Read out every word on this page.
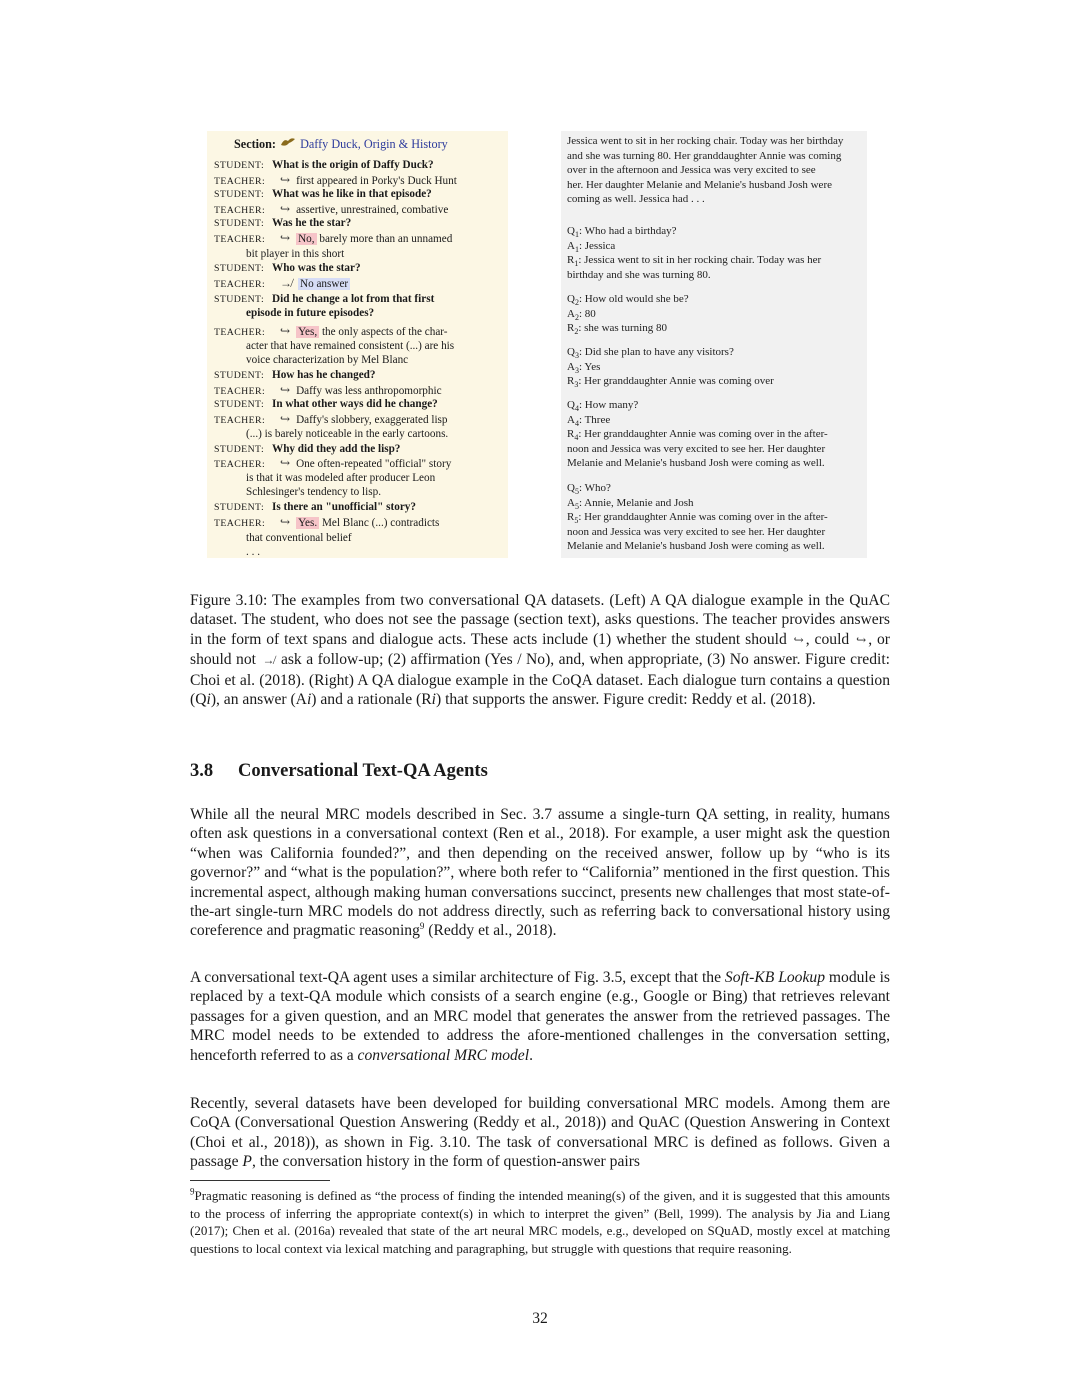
Section: Daffy Duck, Origin & History
STUDENT: What is the origin of Daffy Duck?
TEACHER: ↪ first appeared in Porky's Duck Hunt
STUDENT: What was he like in that episode?
TEACHER: ↪ assertive, unrestrained, combative
STUDENT: Was he the star?
TEACHER: ↪ No, barely more than an unnamed
bit player in this short
STUDENT: Who was the star?
TEACHER: ↛ No answer
STUDENT: Did he change a lot from that first
episode in future episodes?
TEACHER: ↪ Yes, the only aspects of the char-
acter that have remained consistent (...) are his
voice characterization by Mel Blanc
STUDENT: How has he changed?
TEACHER: ↪ Daffy was less anthropomorphic
STUDENT: In what other ways did he change?
TEACHER: ↪ Daffy's slobbery, exaggerated lisp
(...) is barely noticeable in the early cartoons.
STUDENT: Why did they add the lisp?
TEACHER: ↪ One often-repeated "official" story
is that it was modeled after producer Leon
Schlesinger's tendency to lisp.
STUDENT: Is there an "unofficial" story?
TEACHER: ↪ Yes. Mel Blanc (...) contradicts
that conventional belief
. . .
Jessica went to sit in her rocking chair. Today was her birthday
and she was turning 80. Her granddaughter Annie was coming
over in the afternoon and Jessica was very excited to see
her. Her daughter Melanie and Melanie's husband Josh were
coming as well. Jessica had . . .
$Q_1$: Who had a birthday?
$A_1$: Jessica
$R_1$: Jessica went to sit in her rocking chair. Today was her
birthday and she was turning 80.
$Q_2$: How old would she be?
$A_2$: 80
$R_2$: she was turning 80
$Q_3$: Did she plan to have any visitors?
$A_3$: Yes
$R_3$: Her granddaughter Annie was coming over
$Q_4$: How many?
$A_4$: Three
$R_4$: Her granddaughter Annie was coming over in the after-
noon and Jessica was very excited to see her. Her daughter
Melanie and Melanie's husband Josh were coming as well.
$Q_5$: Who?
$A_5$: Annie, Melanie and Josh
$R_5$: Her granddaughter Annie was coming over in the after-
noon and Jessica was very excited to see her. Her daughter
Melanie and Melanie's husband Josh were coming as well.
Figure 3.10: The examples from two conversational QA datasets. (Left) A QA dialogue example in the QuAC dataset. The student, who does not see the passage (section text), asks questions. The teacher provides answers in the form of text spans and dialogue acts. These acts include (1) whether the student should ↪ , could ↪ , or should not ↛ ask a follow-up; (2) affirmation (Yes / No), and, when appropriate, (3) No answer. Figure credit: Choi et al. (2018). (Right) A QA dialogue example in the CoQA dataset. Each dialogue turn contains a question (Qi), an answer (Ai) and a rationale (Ri) that supports the answer. Figure credit: Reddy et al. (2018).
3.8 Conversational Text-QA Agents

While all the neural MRC models described in Sec. 3.7 assume a single-turn QA setting, in reality, humans often ask questions in a conversational context (Ren et al., 2018). For example, a user might ask the question “when was California founded?”, and then depending on the received answer, follow up by “who is its governor?” and “what is the population?”, where both refer to “California” mentioned in the first question. This incremental aspect, although making human conversations succinct, presents new challenges that most state-of-the-art single-turn MRC models do not address directly, such as referring back to conversational history using coreference and pragmatic reasoning$^9$ (Reddy et al., 2018).

A conversational text-QA agent uses a similar architecture of Fig. 3.5, except that the Soft-KB Lookup module is replaced by a text-QA module which consists of a search engine (e.g., Google or Bing) that retrieves relevant passages for a given question, and an MRC model that generates the answer from the retrieved passages. The MRC model needs to be extended to address the afore-mentioned challenges in the conversation setting, henceforth referred to as a conversational MRC model.

Recently, several datasets have been developed for building conversational MRC models. Among them are CoQA (Conversational Question Answering (Reddy et al., 2018)) and QuAC (Question Answering in Context (Choi et al., 2018)), as shown in Fig. 3.10. The task of conversational MRC is defined as follows. Given a passage P, the conversation history in the form of question-answer pairs

$^9$Pragmatic reasoning is defined as “the process of finding the intended meaning(s) of the given, and it is suggested that this amounts to the process of inferring the appropriate context(s) in which to interpret the given” (Bell, 1999). The analysis by Jia and Liang (2017); Chen et al. (2016a) revealed that state of the art neural MRC models, e.g., developed on SQuAD, mostly excel at matching questions to local context via lexical matching and paragraphing, but struggle with questions that require reasoning.
32
